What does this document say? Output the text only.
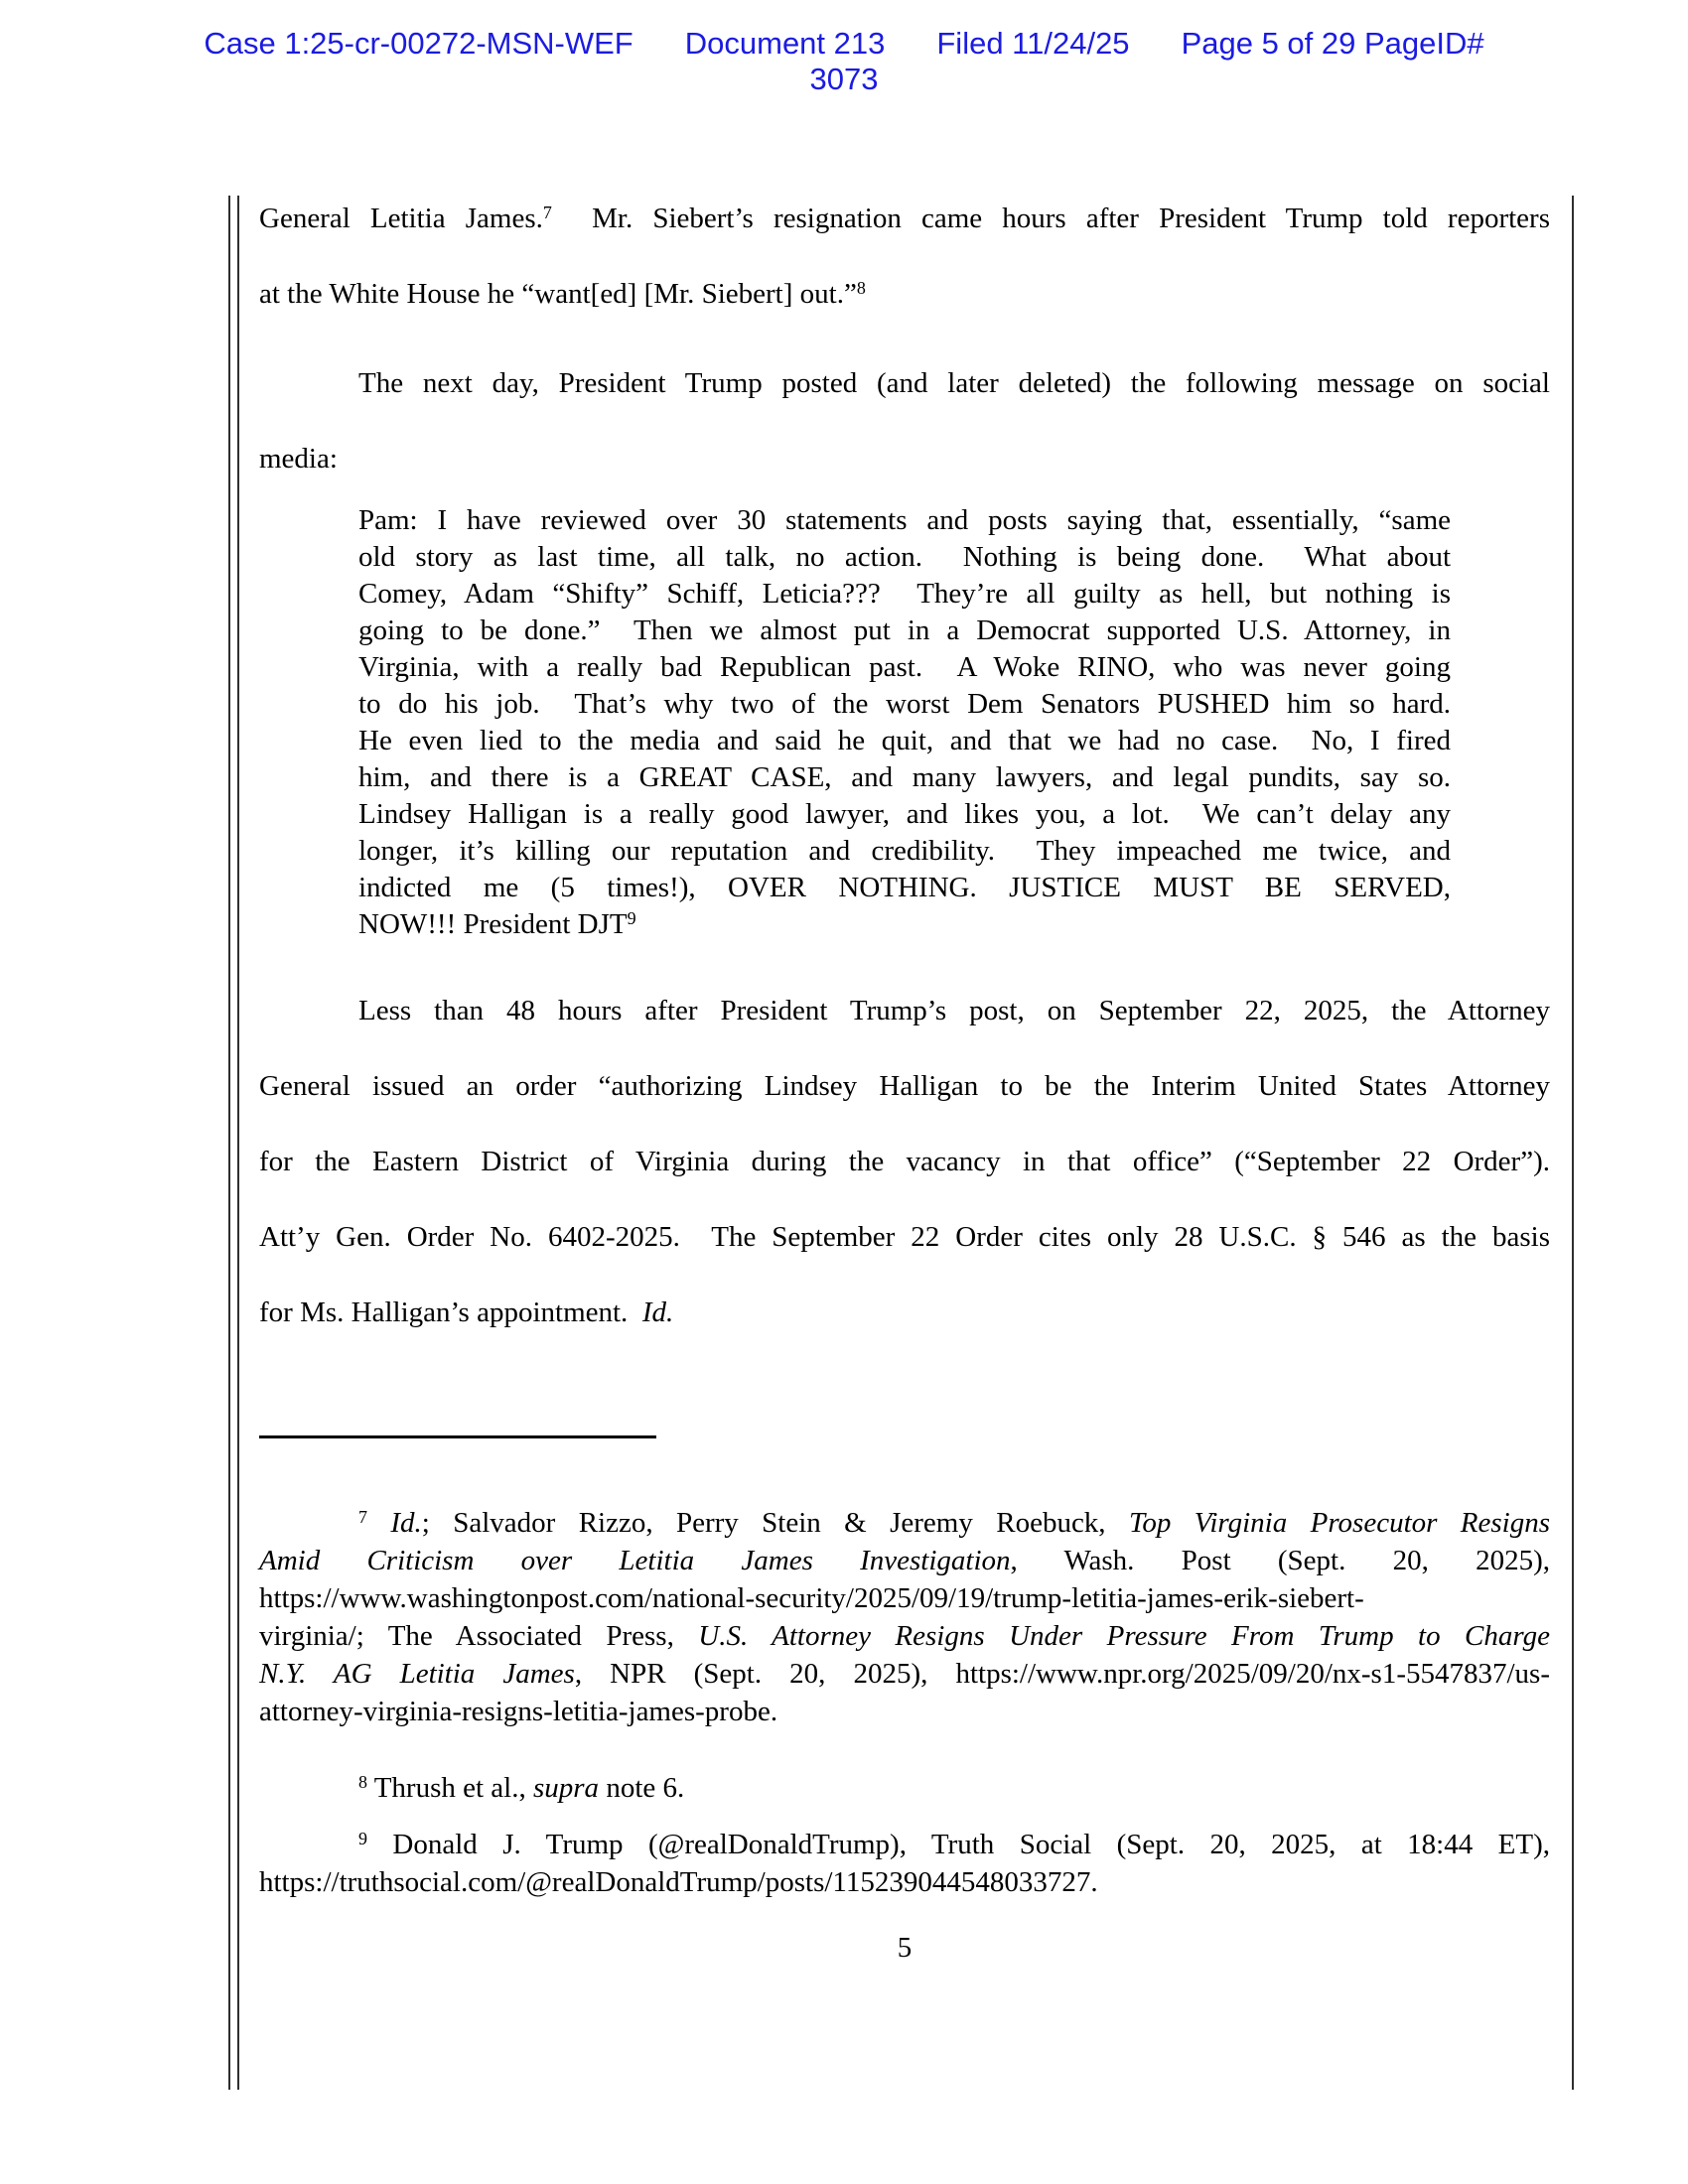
Case 1:25-cr-00272-MSN-WEF Document 213 Filed 11/24/25 Page 5 of 29 PageID#
3073
General Letitia James.$^7$  Mr. Siebert’s resignation came hours after President Trump told reporters
at the White House he “want[ed] [Mr. Siebert] out.”$^8$
The next day, President Trump posted (and later deleted) the following message on social
media:
Pam: I have reviewed over 30 statements and posts saying that, essentially, “same
old story as last time, all talk, no action.  Nothing is being done.  What about
Comey, Adam “Shifty” Schiff, Leticia???  They’re all guilty as hell, but nothing is
going to be done.”  Then we almost put in a Democrat supported U.S. Attorney, in
Virginia, with a really bad Republican past.  A Woke RINO, who was never going
to do his job.  That’s why two of the worst Dem Senators PUSHED him so hard.
He even lied to the media and said he quit, and that we had no case.  No, I fired
him, and there is a GREAT CASE, and many lawyers, and legal pundits, say so.
Lindsey Halligan is a really good lawyer, and likes you, a lot.  We can’t delay any
longer, it’s killing our reputation and credibility.  They impeached me twice, and
indicted me (5 times!), OVER NOTHING. JUSTICE MUST BE SERVED,
NOW!!! President DJT$^9$
Less than 48 hours after President Trump’s post, on September 22, 2025, the Attorney
General issued an order “authorizing Lindsey Halligan to be the Interim United States Attorney
for the Eastern District of Virginia during the vacancy in that office” (“September 22 Order”).
Att’y Gen. Order No. 6402-2025.  The September 22 Order cites only 28 U.S.C. § 546 as the basis
for Ms. Halligan’s appointment.  Id.
$^7$ Id.; Salvador Rizzo, Perry Stein & Jeremy Roebuck, Top Virginia Prosecutor Resigns
Amid Criticism over Letitia James Investigation, Wash. Post (Sept. 20, 2025),
https://www.washingtonpost.com/national-security/2025/09/19/trump-letitia-james-erik-siebert-
virginia/; The Associated Press, U.S. Attorney Resigns Under Pressure From Trump to Charge
N.Y. AG Letitia James, NPR (Sept. 20, 2025), https://www.npr.org/2025/09/20/nx-s1-5547837/us-
attorney-virginia-resigns-letitia-james-probe.
$^8$ Thrush et al., supra note 6.
$^9$ Donald J. Trump (@realDonaldTrump), Truth Social (Sept. 20, 2025, at 18:44 ET),
https://truthsocial.com/@realDonaldTrump/posts/115239044548033727.
5
